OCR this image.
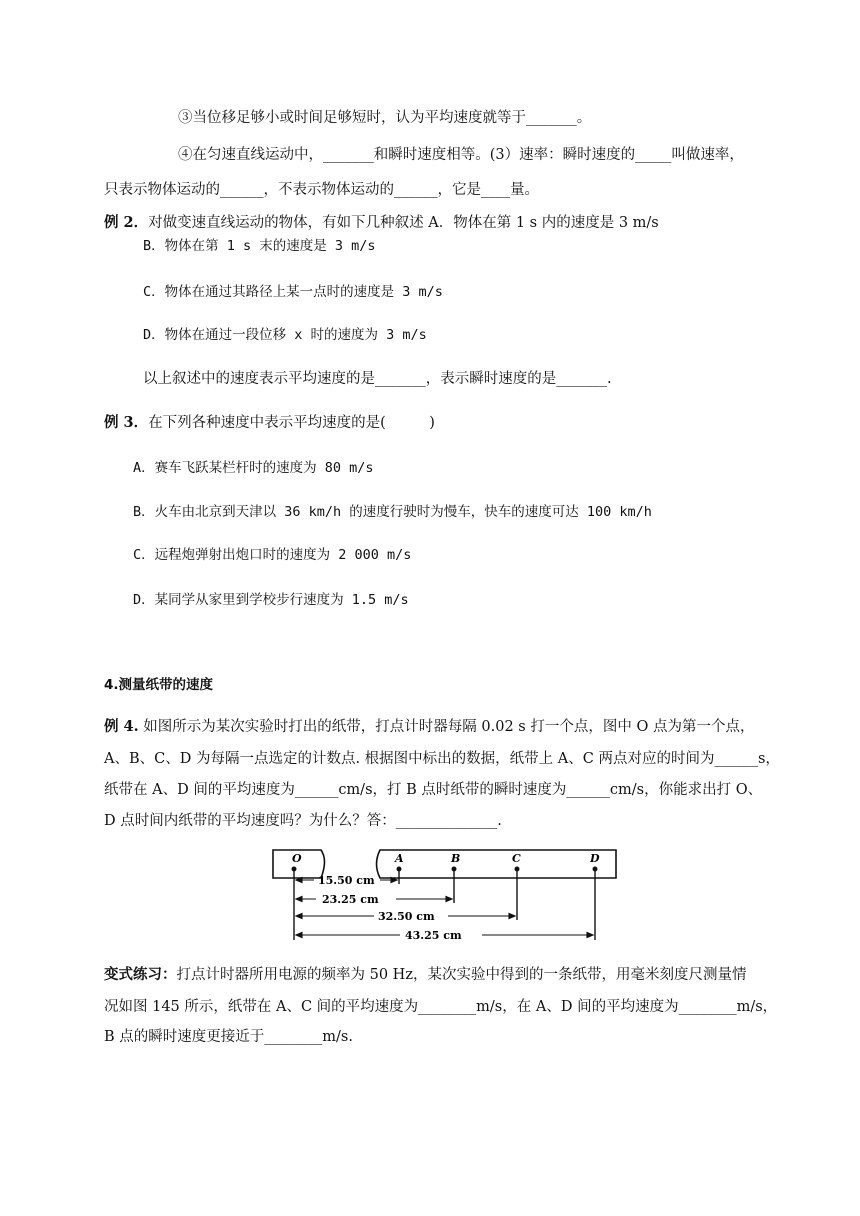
③当位移足够小或时间足够短时，认为平均速度就等于_______。
④在匀速直线运动中，_______和瞬时速度相等。(3）速率：瞬时速度的_____叫做速率，
只表示物体运动的______，不表示物体运动的______，它是____量。
例 2．对做变速直线运动的物体，有如下几种叙述 A．物体在第 1 s 内的速度是 3 m/s
B．物体在第 1 s 末的速度是 3 m/s
C．物体在通过其路径上某一点时的速度是 3 m/s
D．物体在通过一段位移 x 时的速度为 3 m/s
以上叙述中的速度表示平均速度的是_______，表示瞬时速度的是_______.
例 3．在下列各种速度中表示平均速度的是(　　　)
A．赛车飞跃某栏杆时的速度为 80 m/s
B．火车由北京到天津以 36 km/h 的速度行驶时为慢车，快车的速度可达 100 km/h
C．远程炮弹射出炮口时的速度为 2 000 m/s
D．某同学从家里到学校步行速度为 1.5 m/s
4.测量纸带的速度
例 4. 如图所示为某次实验时打出的纸带，打点计时器每隔 0.02 s 打一个点，图中 O 点为第一个点，
A、B、C、D 为每隔一点选定的计数点. 根据图中标出的数据，纸带上 A、C 两点对应的时间为______s，
纸带在 A、D 间的平均速度为______cm/s，打 B 点时纸带的瞬时速度为______cm/s，你能求出打 O、
D 点时间内纸带的平均速度吗？为什么？答：______________.
O	A	B	C	D
15.50 cm
23.25 cm
32.50 cm
43.25 cm
变式练习：打点计时器所用电源的频率为 50 Hz，某次实验中得到的一条纸带，用毫米刻度尺测量情
况如图 145 所示，纸带在 A、C 间的平均速度为________m/s，在 A、D 间的平均速度为________m/s，
B 点的瞬时速度更接近于________m/s.
